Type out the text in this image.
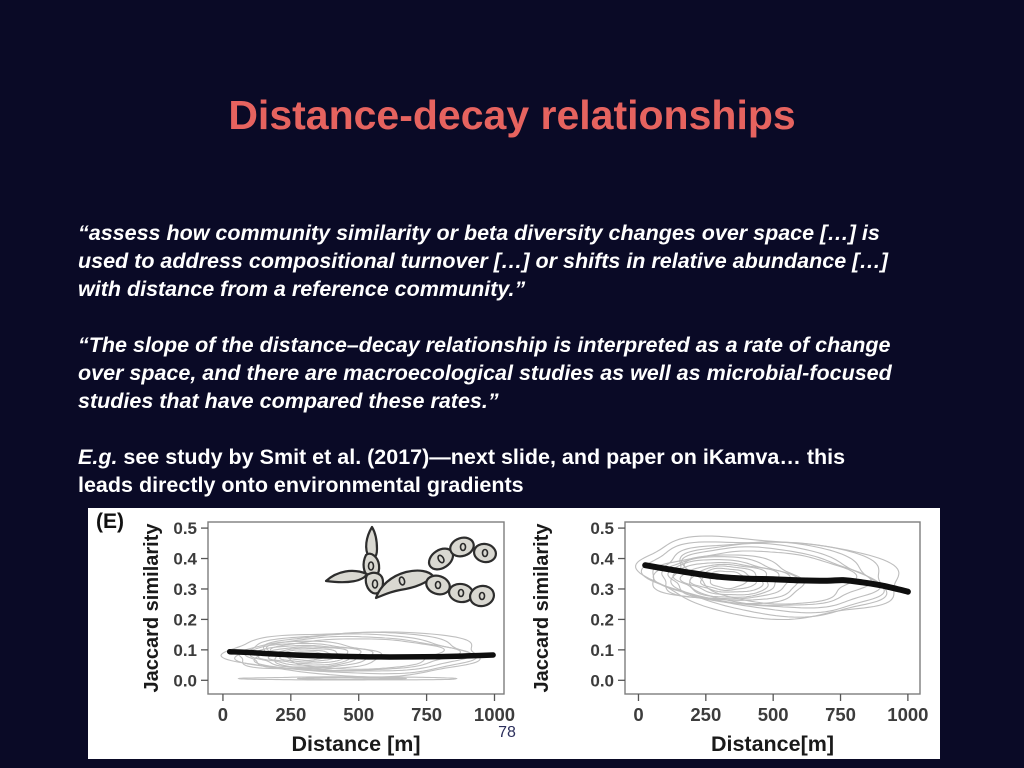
Distance-decay relationships

“assess how community similarity or beta diversity changes over space […] is
used to address compositional turnover […] or shifts in relative abundance […]
with distance from a reference community.”

“The slope of the distance–decay relationship is interpreted as a rate of change
over space, and there are macroecological studies as well as microbial-focused
studies that have compared these rates.”

E.g. see study by Smit et al. (2017)—next slide, and paper on iKamva… this
leads directly onto environmental gradients

(E)
0.0
0.1
0.2
0.3
0.4
0.5
0	250 500 750 1000
Distance [m]
Jaccard similarity	0.0
0.1
0.2
0.3
0.4
0.5
0	250 500 750 1000
Distance[m]
Jaccard similarity
78
